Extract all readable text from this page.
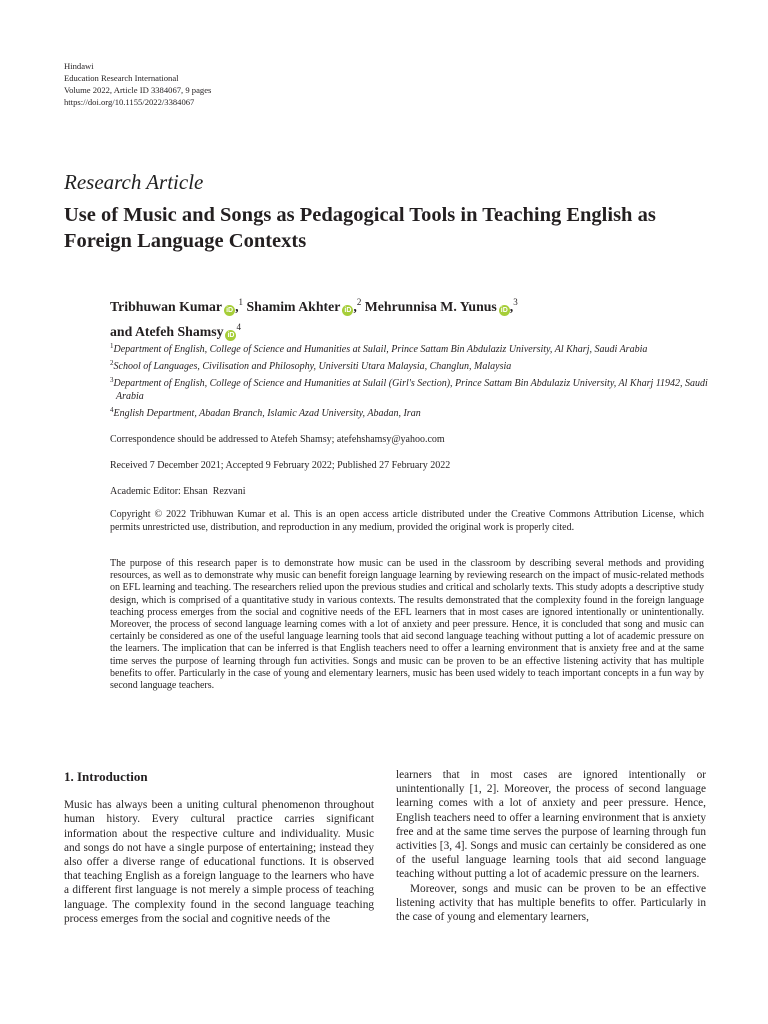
Hindawi
Education Research International
Volume 2022, Article ID 3384067, 9 pages
https://doi.org/10.1155/2022/3384067
Research Article
Use of Music and Songs as Pedagogical Tools in Teaching English as Foreign Language Contexts
Tribhuwan Kumar iD ,$^1$ Shamim Akhter iD ,$^2$ Mehrunnisa M. Yunus iD ,$^3$
and Atefeh Shamsy $iD^4$
$^1$Department of English, College of Science and Humanities at Sulail, Prince Sattam Bin Abdulaziz University, Al Kharj, Saudi Arabia
$^2$School of Languages, Civilisation and Philosophy, Universiti Utara Malaysia, Changlun, Malaysia
$^3$Department of English, College of Science and Humanities at Sulail (Girl's Section), Prince Sattam Bin Abdulaziz University, Al Kharj 11942, Saudi Arabia
$^4$English Department, Abadan Branch, Islamic Azad University, Abadan, Iran
Correspondence should be addressed to Atefeh Shamsy; atefehshamsy@yahoo.com
Received 7 December 2021; Accepted 9 February 2022; Published 27 February 2022
Academic Editor: Ehsan  Rezvani
Copyright © 2022 Tribhuwan Kumar et al. This is an open access article distributed under the Creative Commons Attribution License, which permits unrestricted use, distribution, and reproduction in any medium, provided the original work is properly cited.
The purpose of this research paper is to demonstrate how music can be used in the classroom by describing several methods and providing resources, as well as to demonstrate why music can benefit foreign language learning by reviewing research on the impact of music-related methods on EFL learning and teaching. The researchers relied upon the previous studies and critical and scholarly texts. This study adopts a descriptive study design, which is comprised of a quantitative study in various contexts. The results demonstrated that the complexity found in the foreign language teaching process emerges from the social and cognitive needs of the EFL learners that in most cases are ignored intentionally or unintentionally. Moreover, the process of second language learning comes with a lot of anxiety and peer pressure. Hence, it is concluded that song and music can certainly be considered as one of the useful language learning tools that aid second language teaching without putting a lot of academic pressure on the learners. The implication that can be inferred is that English teachers need to offer a learning environment that is anxiety free and at the same time serves the purpose of learning through fun activities. Songs and music can be proven to be an effective listening activity that has multiple benefits to offer. Particularly in the case of young and elementary learners, music has been used widely to teach important concepts in a fun way by second language teachers.
1. Introduction

Music has always been a uniting cultural phenomenon throughout human history. Every cultural practice carries significant information about the respective culture and individuality. Music and songs do not have a single purpose of entertaining; instead they also offer a diverse range of educational functions. It is observed that teaching English as a foreign language to the learners who have a different first language is not merely a simple process of teaching language. The complexity found in the second language teaching process emerges from the social and cognitive needs of the

learners that in most cases are ignored intentionally or unintentionally [1, 2]. Moreover, the process of second language learning comes with a lot of anxiety and peer pressure. Hence, English teachers need to offer a learning environment that is anxiety free and at the same time serves the purpose of learning through fun activities [3, 4]. Songs and music can certainly be considered as one of the useful language learning tools that aid second language teaching without putting a lot of academic pressure on the learners.

Moreover, songs and music can be proven to be an effective listening activity that has multiple benefits to offer. Particularly in the case of young and elementary learners,
